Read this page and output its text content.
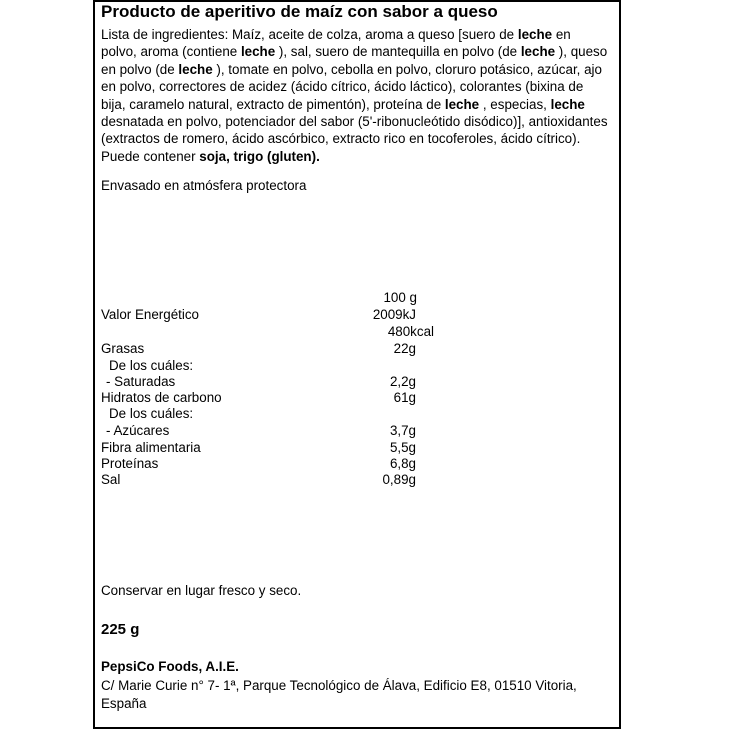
Producto de aperitivo de maíz con sabor a queso
Lista de ingredientes: Maíz, aceite de colza, aroma a queso [suero de leche en polvo, aroma (contiene leche ), sal, suero de mantequilla en polvo (de leche ), queso en polvo (de leche ), tomate en polvo, cebolla en polvo, cloruro potásico, azúcar, ajo en polvo, correctores de acidez (ácido cítrico, ácido láctico), colorantes (bixina de bija, caramelo natural, extracto de pimentón), proteína de leche , especias, leche desnatada en polvo, potenciador del sabor (5'-ribonucleótido disódico)], antioxidantes (extractos de romero, ácido ascórbico, extracto rico en tocoferoles, ácido cítrico). Puede contener soja, trigo (gluten).
Envasado en atmósfera protectora
100 g
Valor Energético	2009kJ
480kcal
Grasas	22g
De los cuáles:
- Saturadas	2,2g
Hidratos de carbono	61g
De los cuáles:
- Azúcares	3,7g
Fibra alimentaria	5,5g
Proteínas	6,8g
Sal	0,89g
Conservar en lugar fresco y seco.
225 g
PepsiCo Foods, A.I.E.
C/ Marie Curie n° 7- 1ª, Parque Tecnológico de Álava, Edificio E8, 01510 Vitoria, España
